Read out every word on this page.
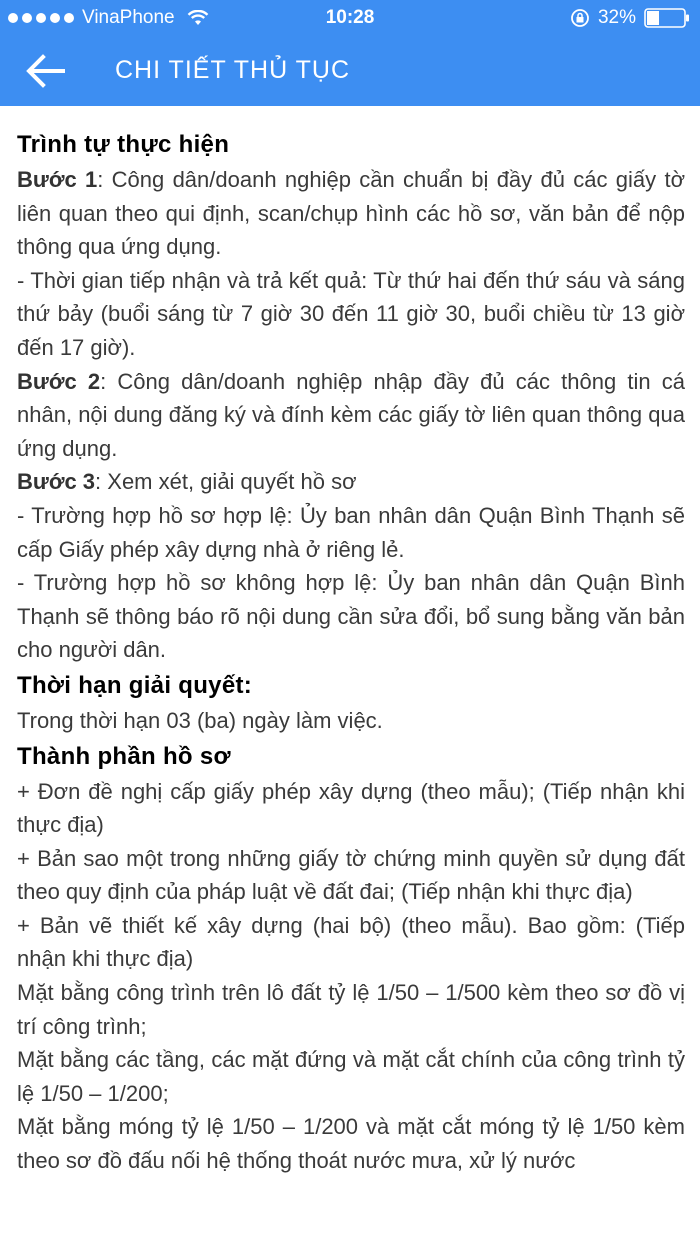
VinaPhone	10:28	32%
CHI TIẾT THỦ TỤC

Trình tự thực hiện

Bước 1: Công dân/doanh nghiệp cần chuẩn bị đầy đủ các giấy tờ liên quan theo qui định, scan/chụp hình các hồ sơ, văn bản để nộp thông qua ứng dụng.

- Thời gian tiếp nhận và trả kết quả: Từ thứ hai đến thứ sáu và sáng thứ bảy (buổi sáng từ 7 giờ 30 đến 11 giờ 30, buổi chiều từ 13 giờ đến 17 giờ).

Bước 2: Công dân/doanh nghiệp nhập đầy đủ các thông tin cá nhân, nội dung đăng ký và đính kèm các giấy tờ liên quan thông qua ứng dụng.

Bước 3: Xem xét, giải quyết hồ sơ

- Trường hợp hồ sơ hợp lệ: Ủy ban nhân dân Quận Bình Thạnh sẽ cấp Giấy phép xây dựng nhà ở riêng lẻ.

- Trường hợp hồ sơ không hợp lệ: Ủy ban nhân dân Quận Bình Thạnh sẽ thông báo rõ nội dung cần sửa đổi, bổ sung bằng văn bản cho người dân.

Thời hạn giải quyết:

Trong thời hạn 03 (ba) ngày làm việc.

Thành phần hồ sơ

+ Đơn đề nghị cấp giấy phép xây dựng (theo mẫu); (Tiếp nhận khi thực địa)

+ Bản sao một trong những giấy tờ chứng minh quyền sử dụng đất theo quy định của pháp luật về đất đai; (Tiếp nhận khi thực địa)

+ Bản vẽ thiết kế xây dựng (hai bộ) (theo mẫu). Bao gồm: (Tiếp nhận khi thực địa)

Mặt bằng công trình trên lô đất tỷ lệ 1/50 – 1/500 kèm theo sơ đồ vị trí công trình;

Mặt bằng các tầng, các mặt đứng và mặt cắt chính của công trình tỷ lệ 1/50 – 1/200;

Mặt bằng móng tỷ lệ 1/50 – 1/200 và mặt cắt móng tỷ lệ 1/50 kèm theo sơ đồ đấu nối hệ thống thoát nước mưa, xử lý nước
